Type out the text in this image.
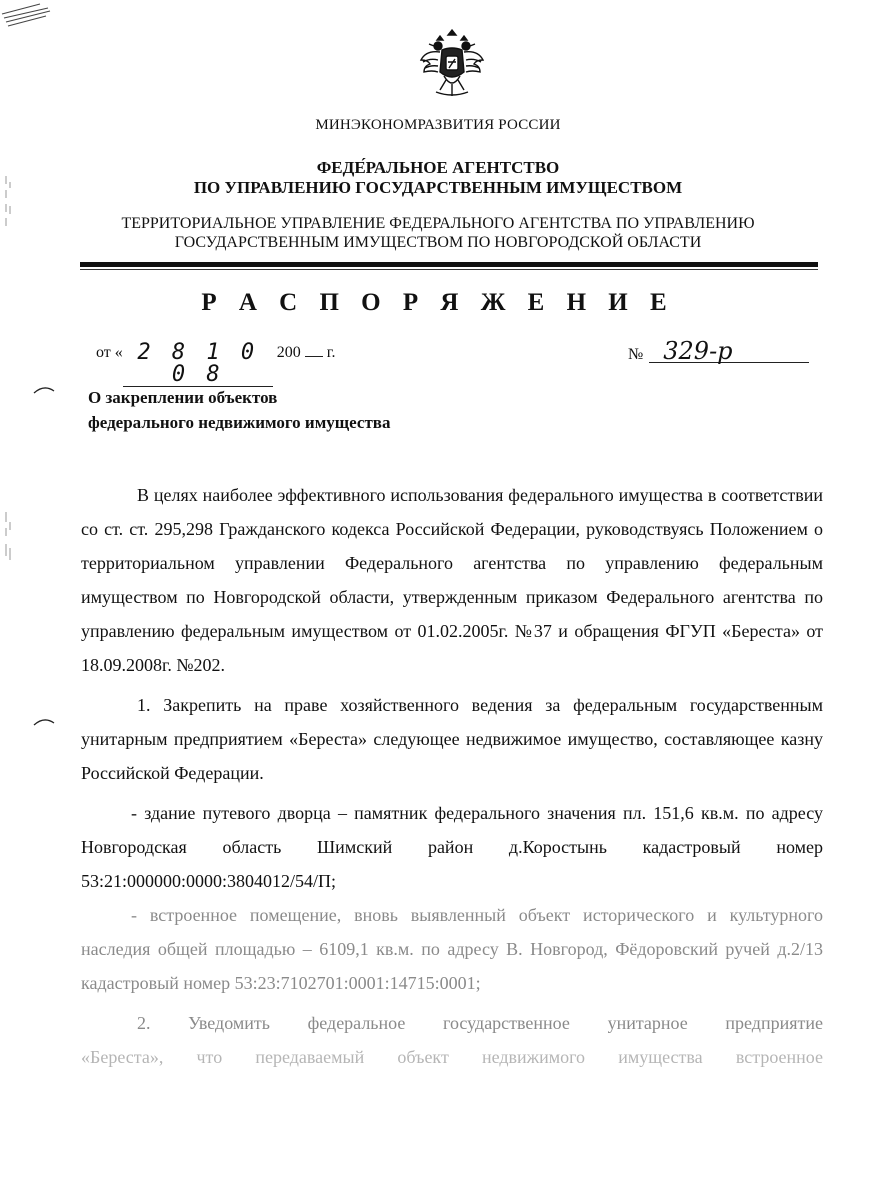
МИНЭКОНОМРАЗВИТИЯ РОССИИ
ФЕДЕ́РАЛЬНОЕ АГЕНТСТВО
ПО УПРАВЛЕНИЮ ГОСУДАРСТВЕННЫМ ИМУЩЕСТВОМ
ТЕРРИТОРИАЛЬНОЕ УПРАВЛЕНИЕ ФЕДЕРАЛЬНОГО АГЕНТСТВА ПО УПРАВЛЕНИЮ
ГОСУДАРСТВЕННЫМ ИМУЩЕСТВОМ ПО НОВГОРОДСКОЙ ОБЛАСТИ
Р А С П О Р Я Ж Е Н И Е
от « 2 8 1 0 0 8
200 г.	№ 329-р
О закреплении объектов
федерального недвижимого имущества

В целях наиболее эффективного использования федерального имущества в соответствии со ст. ст. 295,298 Гражданского кодекса Российской Федерации, руководствуясь Положением о территориальном управлении Федерального агентства по управлению федеральным имуществом по Новгородской области, утвержденным приказом Федерального агентства по управлению федеральным имуществом от 01.02.2005г. №37 и обращения ФГУП «Береста» от 18.09.2008г. №202.

1. Закрепить на праве хозяйственного ведения за федеральным государственным унитарным предприятием «Береста» следующее недвижимое имущество, составляющее казну Российской Федерации.

- здание путевого дворца – памятник федерального значения пл. 151,6 кв.м. по адресу Новгородская область Шимский район д.Коростынь кадастровый номер 53:21:000000:0000:3804012/54/П;

- встроенное помещение, вновь выявленный объект исторического и культурного наследия общей площадью – 6109,1 кв.м. по адресу В. Новгород, Фёдоровский ручей д.2/13 кадастровый номер 53:23:7102701:0001:14715:0001;

2. Уведомить федеральное государственное унитарное предприятие

«Береста», что передаваемый объект недвижимого имущества встроенное
